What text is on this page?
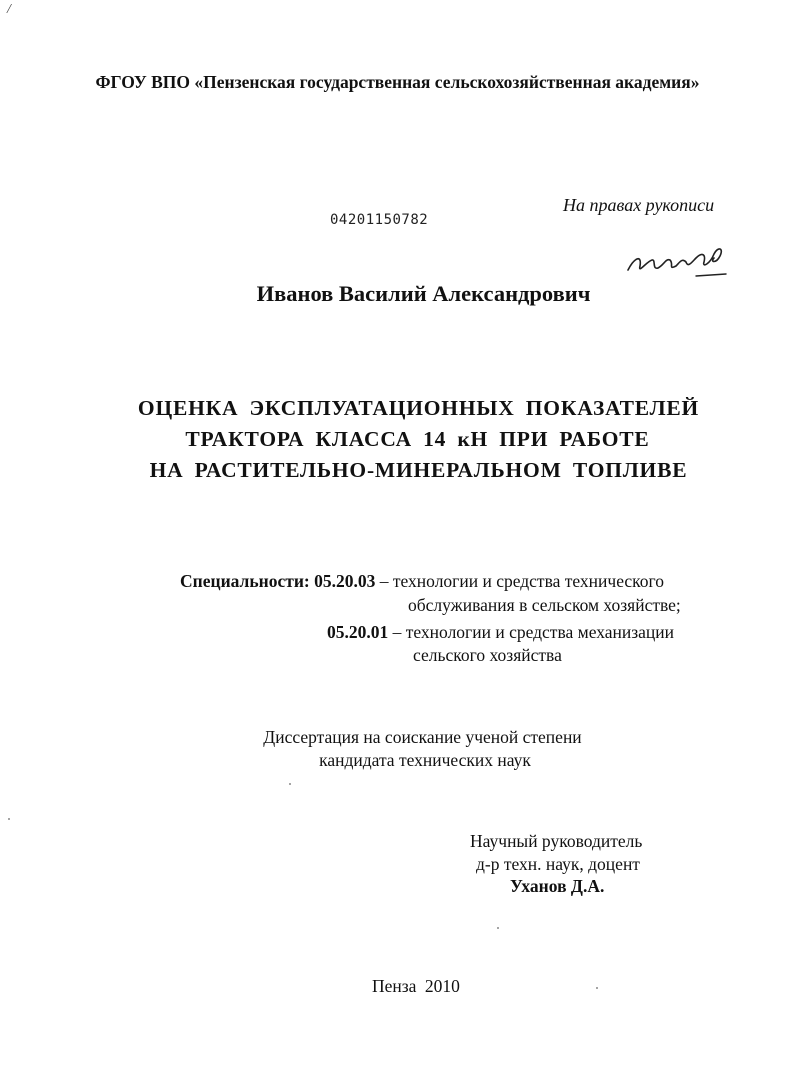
/
ФГОУ ВПО «Пензенская государственная сельскохозяйственная академия»
На правах рукописи
04201150782
Иванов Василий Александрович
ОЦЕНКА ЭКСПЛУАТАЦИОННЫХ ПОКАЗАТЕЛЕЙ
ТРАКТОРА КЛАССА 14 кН ПРИ РАБОТЕ
НА РАСТИТЕЛЬНО-МИНЕРАЛЬНОМ ТОПЛИВЕ
Специальности: 05.20.03 – технологии и средства технического
обслуживания в сельском хозяйстве;
05.20.01 – технологии и средства механизации
сельского хозяйства
Диссертация на соискание ученой степени
кандидата технических наук
Научный руководитель
д-р техн. наук, доцент
Уханов Д.А.
Пенза 2010
